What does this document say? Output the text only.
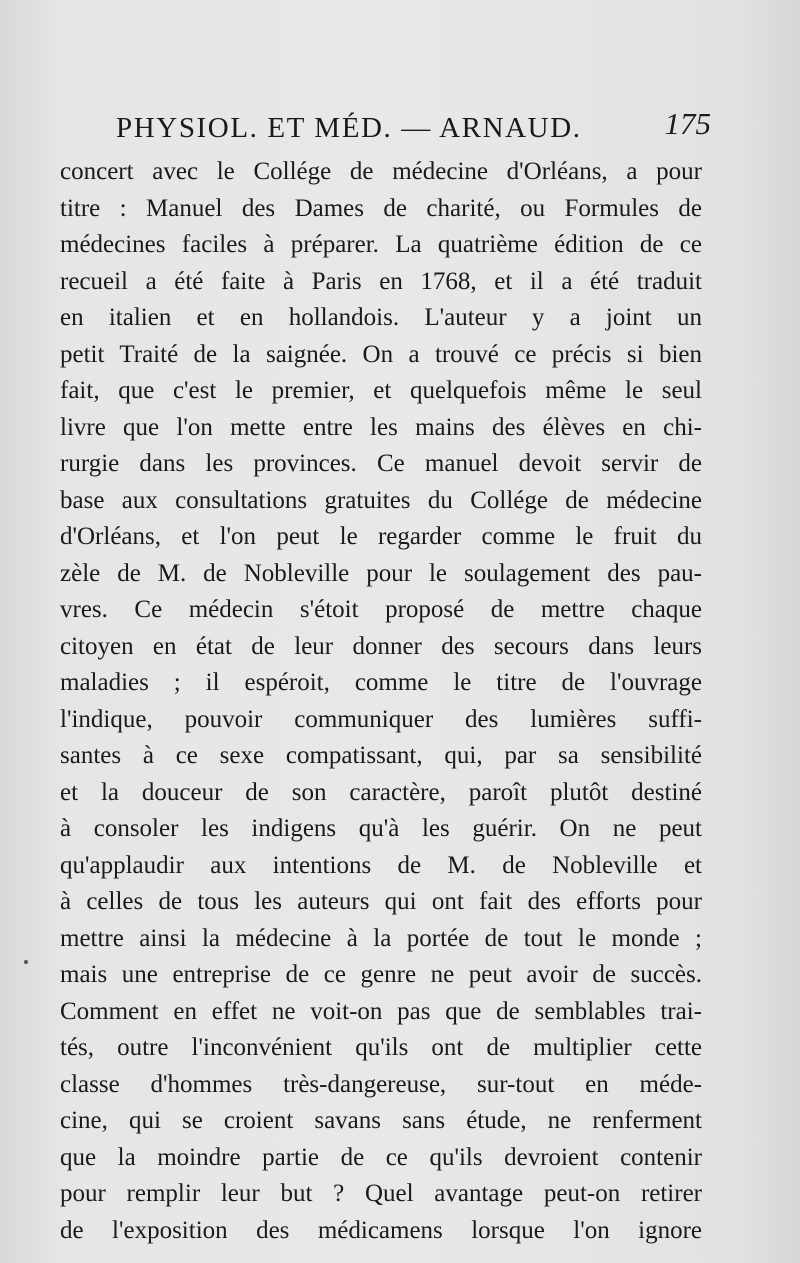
PHYSIOL. ET MÉD. — ARNAUD.	175
concert avec le Collége de médecine d'Orléans, a pour
titre : Manuel des Dames de charité, ou Formules de
médecines faciles à préparer. La quatrième édition de ce
recueil a été faite à Paris en 1768, et il a été traduit
en italien et en hollandois. L'auteur y a joint un
petit Traité de la saignée. On a trouvé ce précis si bien
fait, que c'est le premier, et quelquefois même le seul
livre que l'on mette entre les mains des élèves en chi-
rurgie dans les provinces. Ce manuel devoit servir de
base aux consultations gratuites du Collége de médecine
d'Orléans, et l'on peut le regarder comme le fruit du
zèle de M. de Nobleville pour le soulagement des pau-
vres. Ce médecin s'étoit proposé de mettre chaque
citoyen en état de leur donner des secours dans leurs
maladies ; il espéroit, comme le titre de l'ouvrage
l'indique, pouvoir communiquer des lumières suffi-
santes à ce sexe compatissant, qui, par sa sensibilité
et la douceur de son caractère, paroît plutôt destiné
à consoler les indigens qu'à les guérir. On ne peut
qu'applaudir aux intentions de M. de Nobleville et
à celles de tous les auteurs qui ont fait des efforts pour
mettre ainsi la médecine à la portée de tout le monde ;
mais une entreprise de ce genre ne peut avoir de succès.
Comment en effet ne voit-on pas que de semblables trai-
tés, outre l'inconvénient qu'ils ont de multiplier cette
classe d'hommes très-dangereuse, sur-tout en méde-
cine, qui se croient savans sans étude, ne renferment
que la moindre partie de ce qu'ils devroient contenir
pour remplir leur but ? Quel avantage peut-on retirer
de l'exposition des médicamens lorsque l'on ignore
